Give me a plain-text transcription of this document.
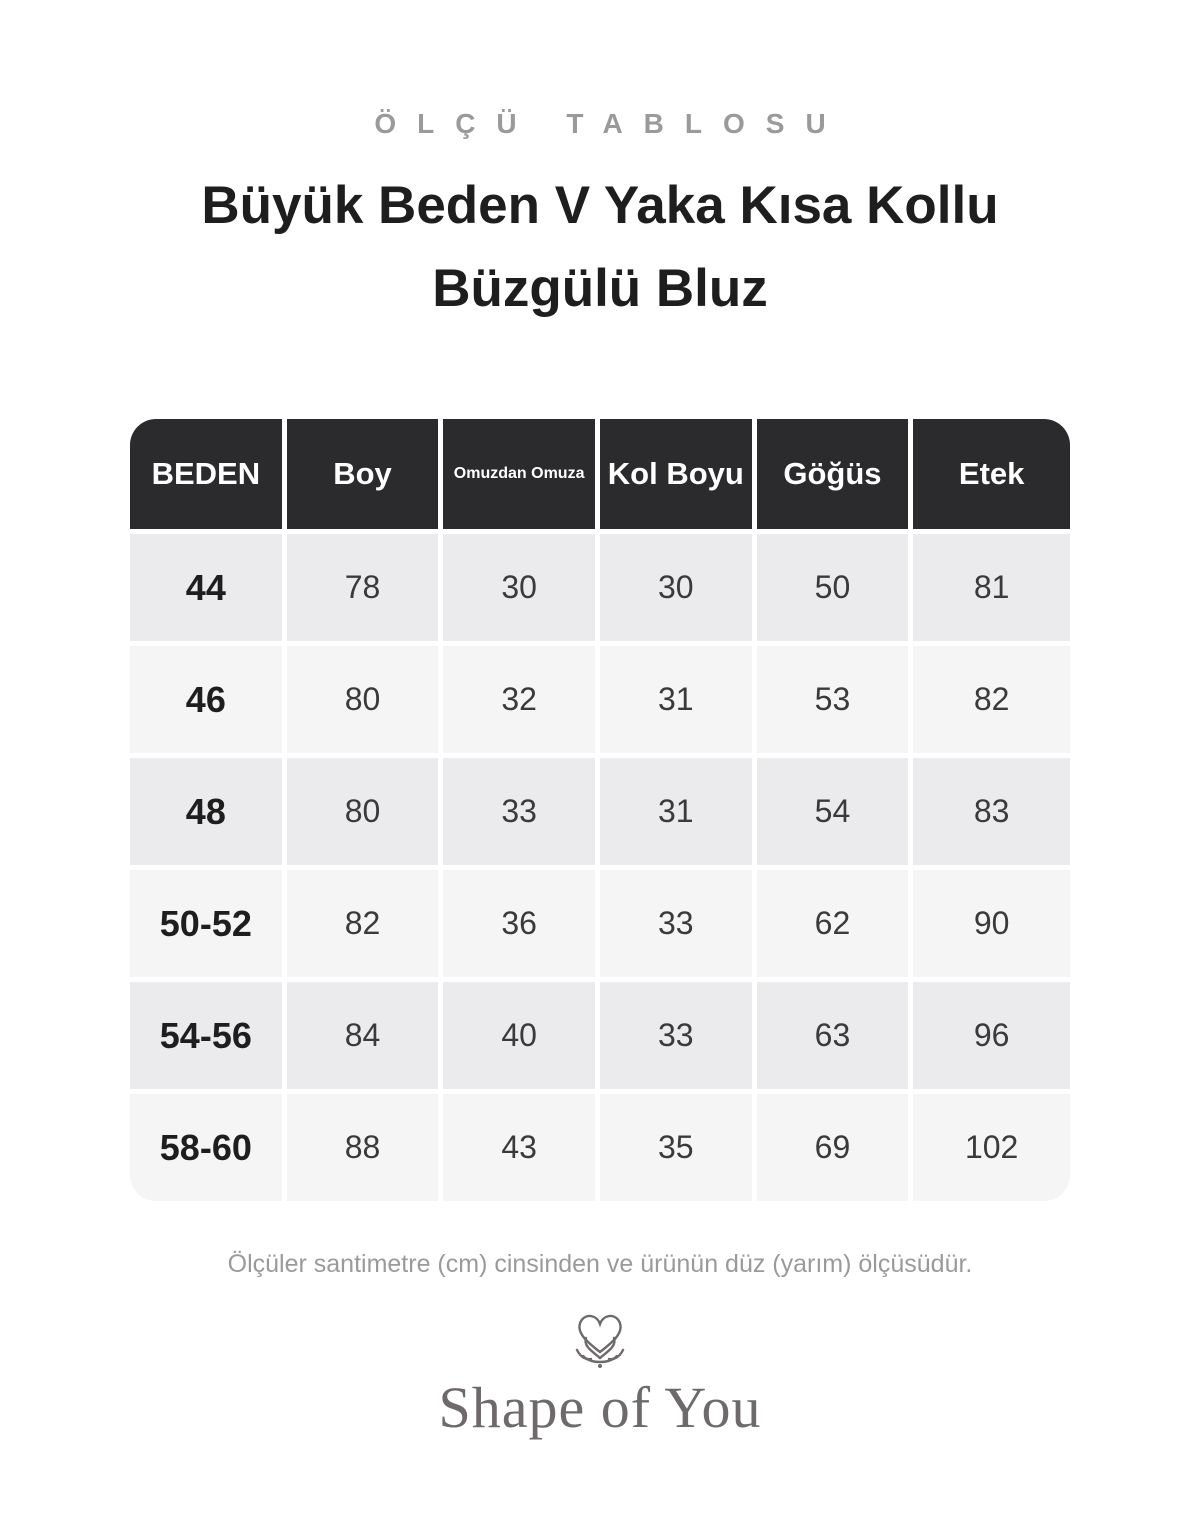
ÖLÇÜ TABLOSU
Büyük Beden V Yaka Kısa Kollu
Büzgülü Bluz
BEDEN	Boy	Omuzdan Omuza	Kol Boyu	Göğüs	Etek
44	78	30	30	50	81
46	80	32	31	53	82
48	80	33	31	54	83
50-52	82	36	33	62	90
54-56	84	40	33	63	96
58-60	88	43	35	69	102
Ölçüler santimetre (cm) cinsinden ve ürünün düz (yarım) ölçüsüdür.
Shape of You
